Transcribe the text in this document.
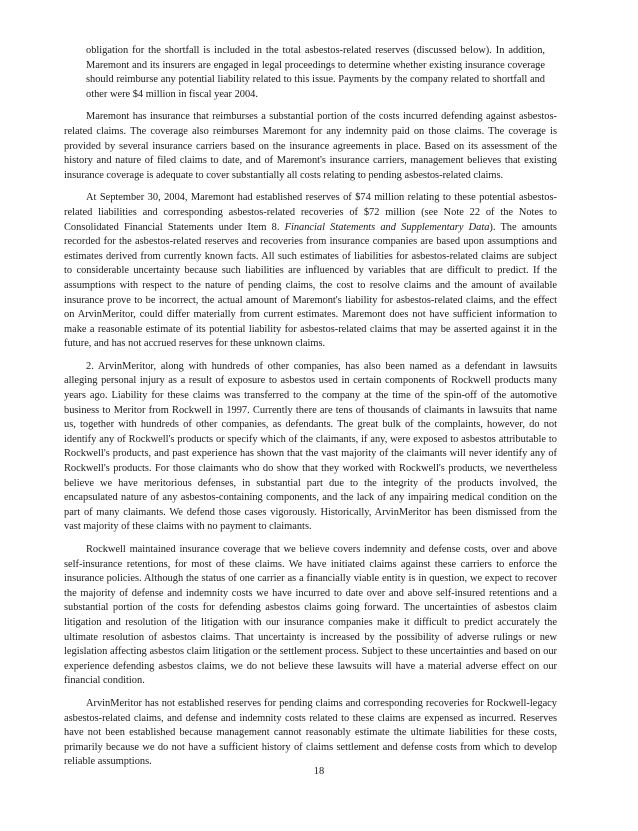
obligation for the shortfall is included in the total asbestos-related reserves (discussed below). In addition, Maremont and its insurers are engaged in legal proceedings to determine whether existing insurance coverage should reimburse any potential liability related to this issue. Payments by the company related to shortfall and other were $4 million in fiscal year 2004.

Maremont has insurance that reimburses a substantial portion of the costs incurred defending against asbestos-related claims. The coverage also reimburses Maremont for any indemnity paid on those claims. The coverage is provided by several insurance carriers based on the insurance agreements in place. Based on its assessment of the history and nature of filed claims to date, and of Maremont's insurance carriers, management believes that existing insurance coverage is adequate to cover substantially all costs relating to pending asbestos-related claims.

At September 30, 2004, Maremont had established reserves of $74 million relating to these potential asbestos-related liabilities and corresponding asbestos-related recoveries of $72 million (see Note 22 of the Notes to Consolidated Financial Statements under Item 8. Financial Statements and Supplementary Data). The amounts recorded for the asbestos-related reserves and recoveries from insurance companies are based upon assumptions and estimates derived from currently known facts. All such estimates of liabilities for asbestos-related claims are subject to considerable uncertainty because such liabilities are influenced by variables that are difficult to predict. If the assumptions with respect to the nature of pending claims, the cost to resolve claims and the amount of available insurance prove to be incorrect, the actual amount of Maremont's liability for asbestos-related claims, and the effect on ArvinMeritor, could differ materially from current estimates. Maremont does not have sufficient information to make a reasonable estimate of its potential liability for asbestos-related claims that may be asserted against it in the future, and has not accrued reserves for these unknown claims.

2. ArvinMeritor, along with hundreds of other companies, has also been named as a defendant in lawsuits alleging personal injury as a result of exposure to asbestos used in certain components of Rockwell products many years ago. Liability for these claims was transferred to the company at the time of the spin-off of the automotive business to Meritor from Rockwell in 1997. Currently there are tens of thousands of claimants in lawsuits that name us, together with hundreds of other companies, as defendants. The great bulk of the complaints, however, do not identify any of Rockwell's products or specify which of the claimants, if any, were exposed to asbestos attributable to Rockwell's products, and past experience has shown that the vast majority of the claimants will never identify any of Rockwell's products. For those claimants who do show that they worked with Rockwell's products, we nevertheless believe we have meritorious defenses, in substantial part due to the integrity of the products involved, the encapsulated nature of any asbestos-containing components, and the lack of any impairing medical condition on the part of many claimants. We defend those cases vigorously. Historically, ArvinMeritor has been dismissed from the vast majority of these claims with no payment to claimants.

Rockwell maintained insurance coverage that we believe covers indemnity and defense costs, over and above self-insurance retentions, for most of these claims. We have initiated claims against these carriers to enforce the insurance policies. Although the status of one carrier as a financially viable entity is in question, we expect to recover the majority of defense and indemnity costs we have incurred to date over and above self-insured retentions and a substantial portion of the costs for defending asbestos claims going forward. The uncertainties of asbestos claim litigation and resolution of the litigation with our insurance companies make it difficult to predict accurately the ultimate resolution of asbestos claims. That uncertainty is increased by the possibility of adverse rulings or new legislation affecting asbestos claim litigation or the settlement process. Subject to these uncertainties and based on our experience defending asbestos claims, we do not believe these lawsuits will have a material adverse effect on our financial condition.

ArvinMeritor has not established reserves for pending claims and corresponding recoveries for Rockwell-legacy asbestos-related claims, and defense and indemnity costs related to these claims are expensed as incurred. Reserves have not been established because management cannot reasonably estimate the ultimate liabilities for these costs, primarily because we do not have a sufficient history of claims settlement and defense costs from which to develop reliable assumptions.

18
